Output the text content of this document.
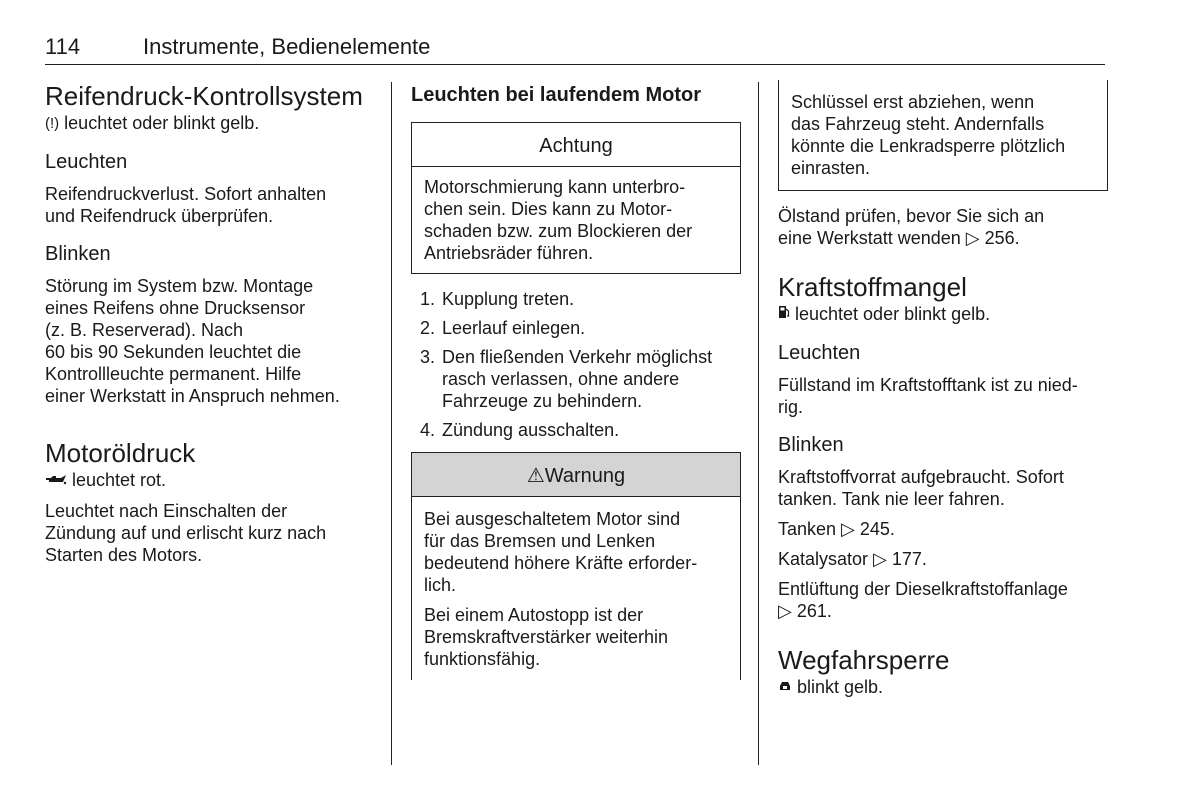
114	Instrumente, Bedienelemente
Reifendruck-Kontrollsystem

(!) leuchtet oder blinkt gelb.

Leuchten

Reifendruckverlust. Sofort anhalten
und Reifendruck überprüfen.

Blinken

Störung im System bzw. Montage
eines Reifens ohne Drucksensor
(z. B. Reserverad). Nach
60 bis 90 Sekunden leuchtet die
Kontrollleuchte permanent. Hilfe
einer Werkstatt in Anspruch nehmen.

Motoröldruck

leuchtet rot.

Leuchtet nach Einschalten der
Zündung auf und erlischt kurz nach
Starten des Motors.

Leuchten bei laufendem Motor
Achtung

Motorschmierung kann unterbro-
chen sein. Dies kann zu Motor-
schaden bzw. zum Blockieren der
Antriebsräder führen.

1. Kupplung treten.
2. Leerlauf einlegen.
3. Den fließenden Verkehr möglichst
rasch verlassen, ohne andere
Fahrzeuge zu behindern.
4. Zündung ausschalten.
⚠Warnung

Bei ausgeschaltetem Motor sind
für das Bremsen und Lenken
bedeutend höhere Kräfte erforder-
lich.

Bei einem Autostopp ist der
Bremskraftverstärker weiterhin
funktionsfähig.

Schlüssel erst abziehen, wenn
das Fahrzeug steht. Andernfalls
könnte die Lenkradsperre plötzlich
einrasten.

Ölstand prüfen, bevor Sie sich an
eine Werkstatt wenden ▷ 256.

Kraftstoffmangel

leuchtet oder blinkt gelb.

Leuchten

Füllstand im Kraftstofftank ist zu nied-
rig.

Blinken

Kraftstoffvorrat aufgebraucht. Sofort
tanken. Tank nie leer fahren.

Tanken ▷ 245.

Katalysator ▷ 177.

Entlüftung der Dieselkraftstoffanlage
▷ 261.

Wegfahrsperre

blinkt gelb.
